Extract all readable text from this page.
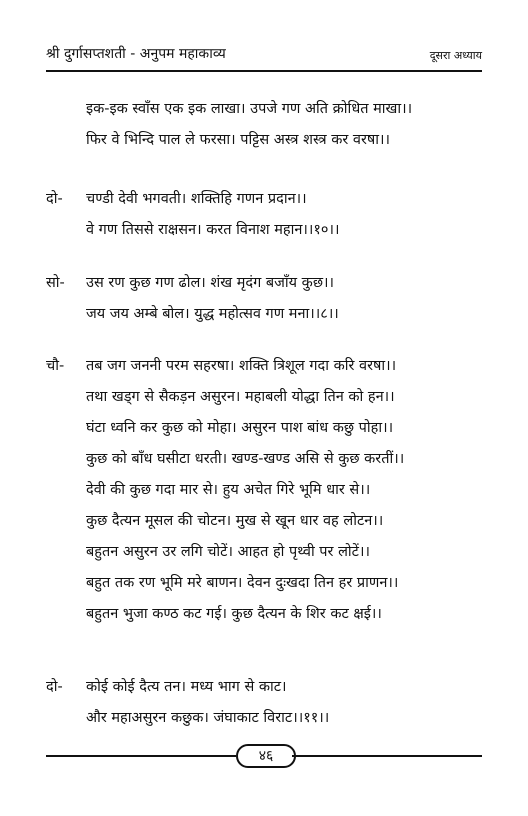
श्री दुर्गासप्तशती - अनुपम महाकाव्य	दूसरा अध्याय
इक-इक स्वाँस एक इक लाखा। उपजे गण अति क्रोधित माखा।।
फिर वे भिन्दि पाल ले फरसा। पट्टिस अस्त्र शस्त्र कर वरषा।।
दो- चण्डी देवी भगवती। शक्तिहि गणन प्रदान।।
वे गण तिससे राक्षसन। करत विनाश महान।।१०।।
सो- उस रण कुछ गण ढोल। शंख मृदंग बजाँय कुछ।।
जय जय अम्बे बोल। युद्ध महोत्सव गण मना।।८।।
चौ- तब जग जननी परम सहरषा। शक्ति त्रिशूल गदा करि वरषा।।
तथा खड्ग से सैकड़न असुरन। महाबली योद्धा तिन को हन।।
घंटा ध्वनि कर कुछ को मोहा। असुरन पाश बांध कछु पोहा।।
कुछ को बाँध घसीटा धरती। खण्ड-खण्ड असि से कुछ करतीं।।
देवी की कुछ गदा मार से। हुय अचेत गिरे भूमि धार से।।
कुछ दैत्यन मूसल की चोटन। मुख से खून धार वह लोटन।।
बहुतन असुरन उर लगि चोटें। आहत हो पृथ्वी पर लोटें।।
बहुत तक रण भूमि मरे बाणन। देवन दुःखदा तिन हर प्राणन।।
बहुतन भुजा कण्ठ कट गई। कुछ दैत्यन के शिर कट क्षई।।
दो- कोई कोई दैत्य तन। मध्य भाग से काट।
और महाअसुरन कछुक। जंघाकाट विराट।।११।।
४६
